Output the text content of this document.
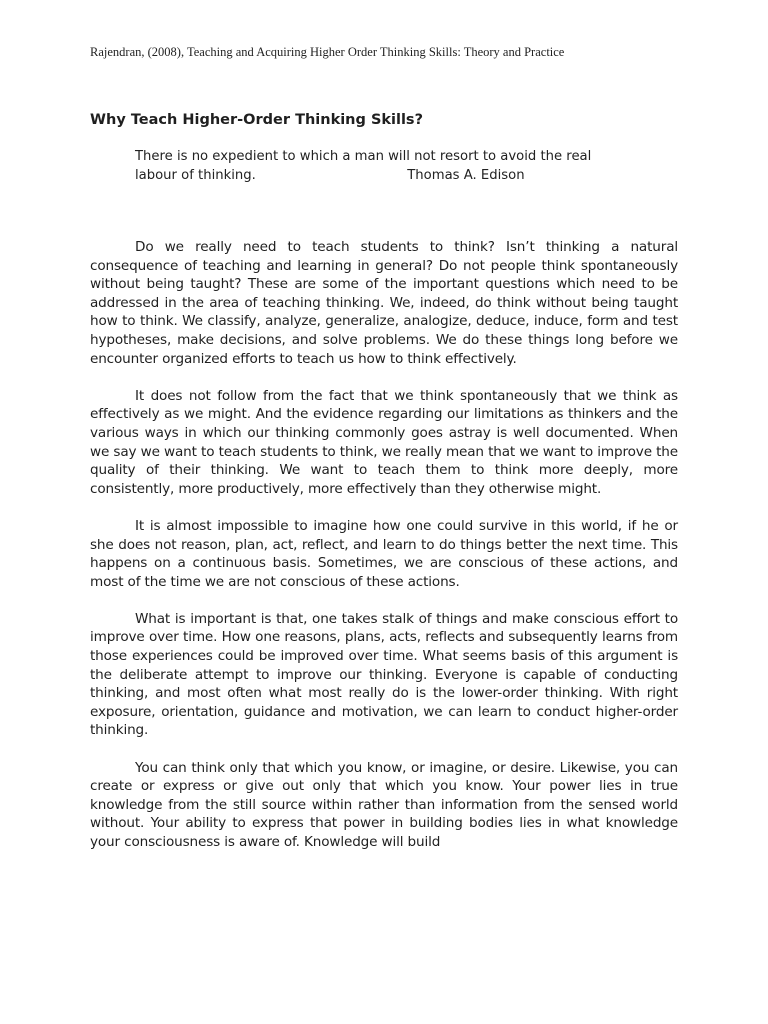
Rajendran, (2008), Teaching and Acquiring Higher Order Thinking Skills: Theory and Practice
Why Teach Higher-Order Thinking Skills?
There is no expedient to which a man will not resort to avoid the real
labour of thinking.	Thomas A. Edison

Do we really need to teach students to think? Isn’t thinking a natural consequence of teaching and learning in general? Do not people think spontaneously without being taught? These are some of the important questions which need to be addressed in the area of teaching thinking. We, indeed, do think without being taught how to think. We classify, analyze, generalize, analogize, deduce, induce, form and test hypotheses, make decisions, and solve problems. We do these things long before we encounter organized efforts to teach us how to think effectively.

It does not follow from the fact that we think spontaneously that we think as effectively as we might. And the evidence regarding our limitations as thinkers and the various ways in which our thinking commonly goes astray is well documented. When we say we want to teach students to think, we really mean that we want to improve the quality of their thinking. We want to teach them to think more deeply, more consistently, more productively, more effectively than they otherwise might.

It is almost impossible to imagine how one could survive in this world, if he or she does not reason, plan, act, reflect, and learn to do things better the next time. This happens on a continuous basis. Sometimes, we are conscious of these actions, and most of the time we are not conscious of these actions.

What is important is that, one takes stalk of things and make conscious effort to improve over time. How one reasons, plans, acts, reflects and subsequently learns from those experiences could be improved over time. What seems basis of this argument is the deliberate attempt to improve our thinking. Everyone is capable of conducting thinking, and most often what most really do is the lower-order thinking. With right exposure, orientation, guidance and motivation, we can learn to conduct higher-order thinking.

You can think only that which you know, or imagine, or desire. Likewise, you can create or express or give out only that which you know. Your power lies in true knowledge from the still source within rather than information from the sensed world without. Your ability to express that power in building bodies lies in what knowledge your consciousness is aware of. Knowledge will build
